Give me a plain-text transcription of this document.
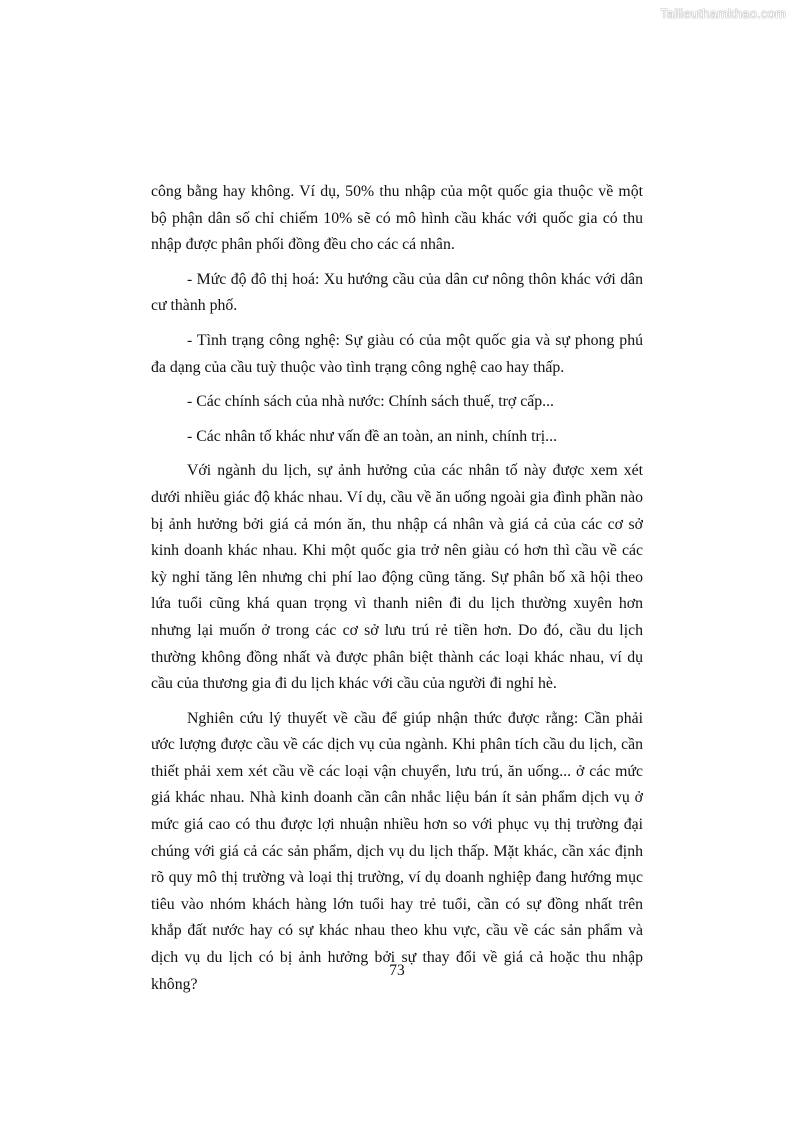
Tailieuthamkhao.com

công bằng hay không. Ví dụ, 50% thu nhập của một quốc gia thuộc về một bộ phận dân số chỉ chiếm 10% sẽ có mô hình cầu khác với quốc gia có thu nhập được phân phối đồng đều cho các cá nhân.

- Mức độ đô thị hoá: Xu hướng cầu của dân cư nông thôn khác với dân cư thành phố.

- Tình trạng công nghệ: Sự giàu có của một quốc gia và sự phong phú đa dạng của cầu tuỳ thuộc vào tình trạng công nghệ cao hay thấp.

- Các chính sách của nhà nước: Chính sách thuế, trợ cấp...

- Các nhân tố khác như vấn đề an toàn, an ninh, chính trị...

Với ngành du lịch, sự ảnh hưởng của các nhân tố này được xem xét dưới nhiều giác độ khác nhau. Ví dụ, cầu về ăn uống ngoài gia đình phần nào bị ảnh hưởng bởi giá cả món ăn, thu nhập cá nhân và giá cả của các cơ sở kinh doanh khác nhau. Khi một quốc gia trở nên giàu có hơn thì cầu về các kỳ nghỉ tăng lên nhưng chi phí lao động cũng tăng. Sự phân bố xã hội theo lứa tuổi cũng khá quan trọng vì thanh niên đi du lịch thường xuyên hơn nhưng lại muốn ở trong các cơ sở lưu trú rẻ tiền hơn. Do đó, cầu du lịch thường không đồng nhất và được phân biệt thành các loại khác nhau, ví dụ cầu của thương gia đi du lịch khác với cầu của người đi nghỉ hè.

Nghiên cứu lý thuyết về cầu để giúp nhận thức được rằng: Cần phải ước lượng được cầu về các dịch vụ của ngành. Khi phân tích cầu du lịch, cần thiết phải xem xét cầu về các loại vận chuyển, lưu trú, ăn uống... ở các mức giá khác nhau. Nhà kinh doanh cần cân nhắc liệu bán ít sản phẩm dịch vụ ở mức giá cao có thu được lợi nhuận nhiều hơn so với phục vụ thị trường đại chúng với giá cả các sản phẩm, dịch vụ du lịch thấp. Mặt khác, cần xác định rõ quy mô thị trường và loại thị trường, ví dụ doanh nghiệp đang hướng mục tiêu vào nhóm khách hàng lớn tuổi hay trẻ tuổi, cần có sự đồng nhất trên khắp đất nước hay có sự khác nhau theo khu vực, cầu về các sản phẩm và dịch vụ du lịch có bị ảnh hưởng bởi sự thay đổi về giá cả hoặc thu nhập không?

73
